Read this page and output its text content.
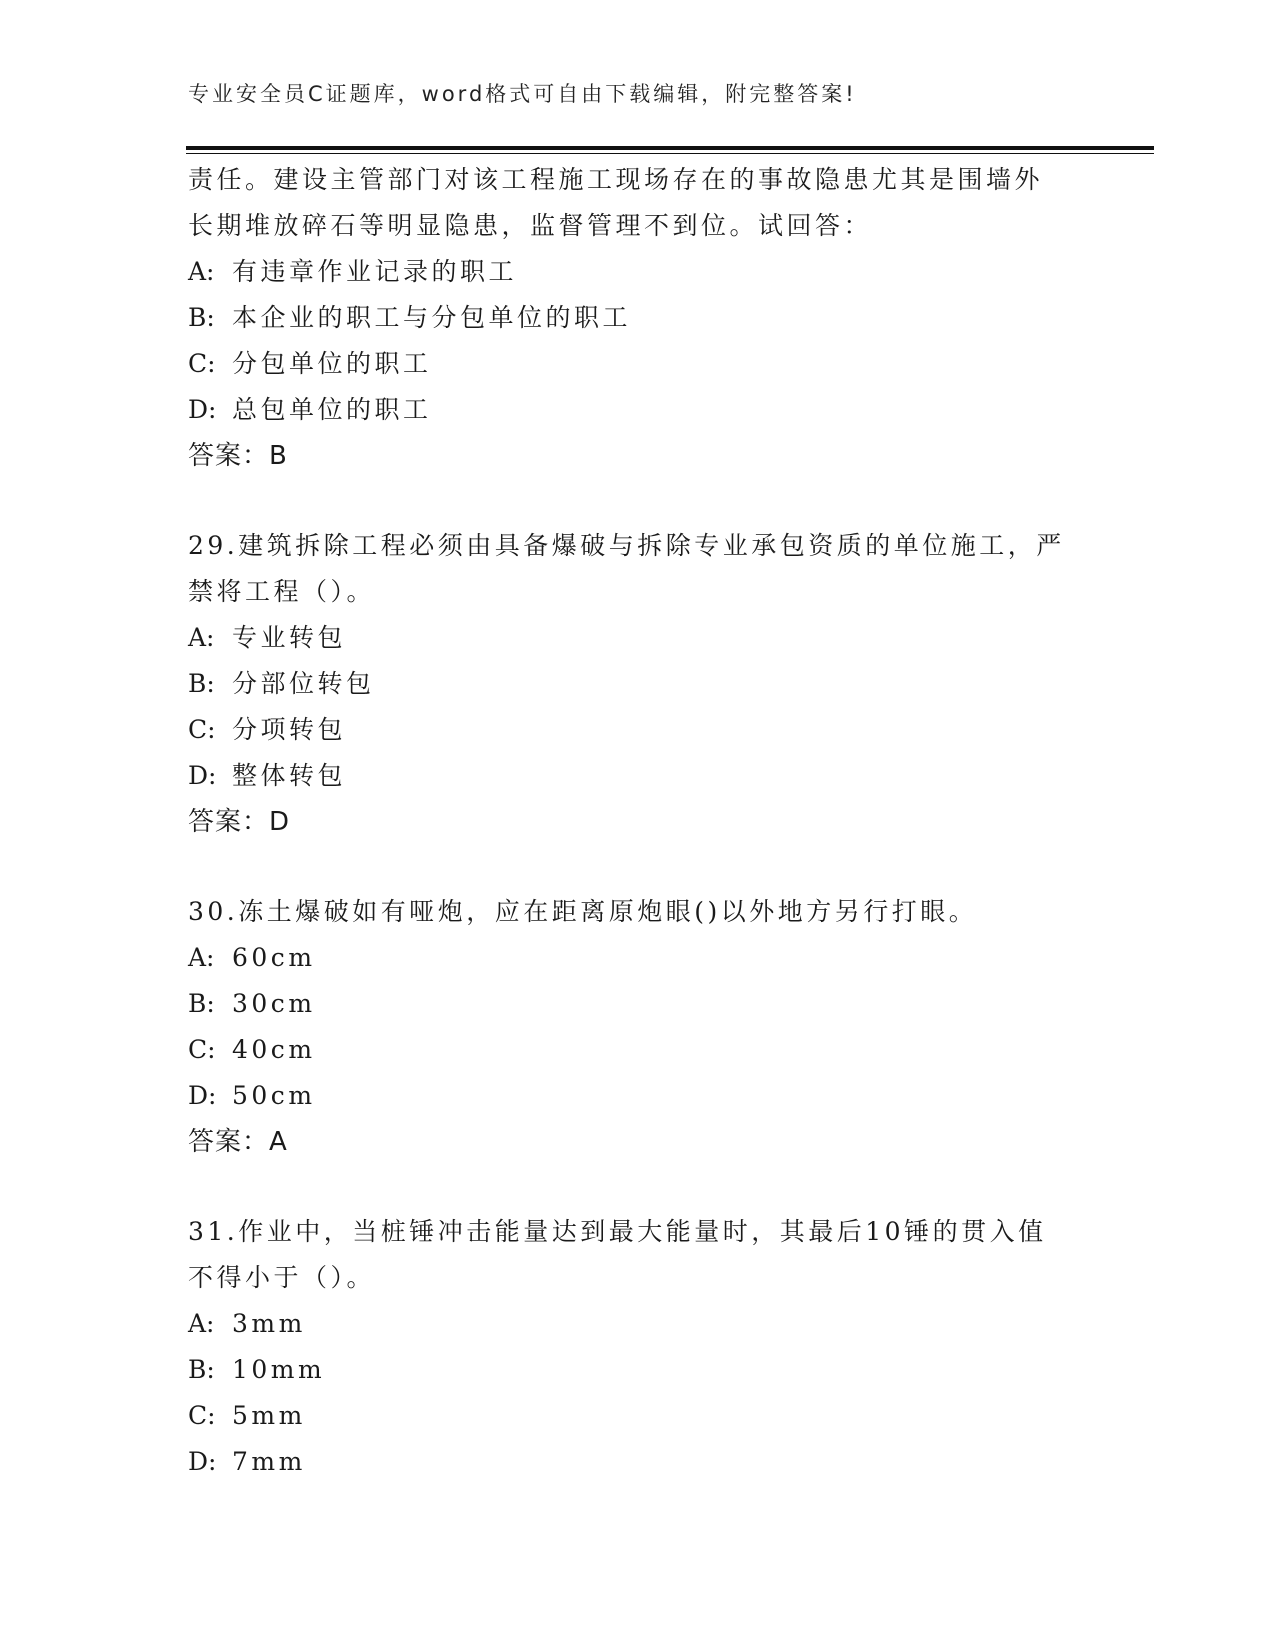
专业安全员C证题库，word格式可自由下载编辑，附完整答案!
责任。建设主管部门对该工程施工现场存在的事故隐患尤其是围墙外
长期堆放碎石等明显隐患，监督管理不到位。试回答：
A: 有违章作业记录的职工
B: 本企业的职工与分包单位的职工
C: 分包单位的职工
D: 总包单位的职工
答案：B
29.建筑拆除工程必须由具备爆破与拆除专业承包资质的单位施工，严
禁将工程（）。
A: 专业转包
B: 分部位转包
C: 分项转包
D: 整体转包
答案：D
30.冻土爆破如有哑炮，应在距离原炮眼()以外地方另行打眼。
A: 60cm
B: 30cm
C: 40cm
D: 50cm
答案：A
31.作业中，当桩锤冲击能量达到最大能量时，其最后10锤的贯入值
不得小于（）。
A: 3mm
B: 10mm
C: 5mm
D: 7mm
